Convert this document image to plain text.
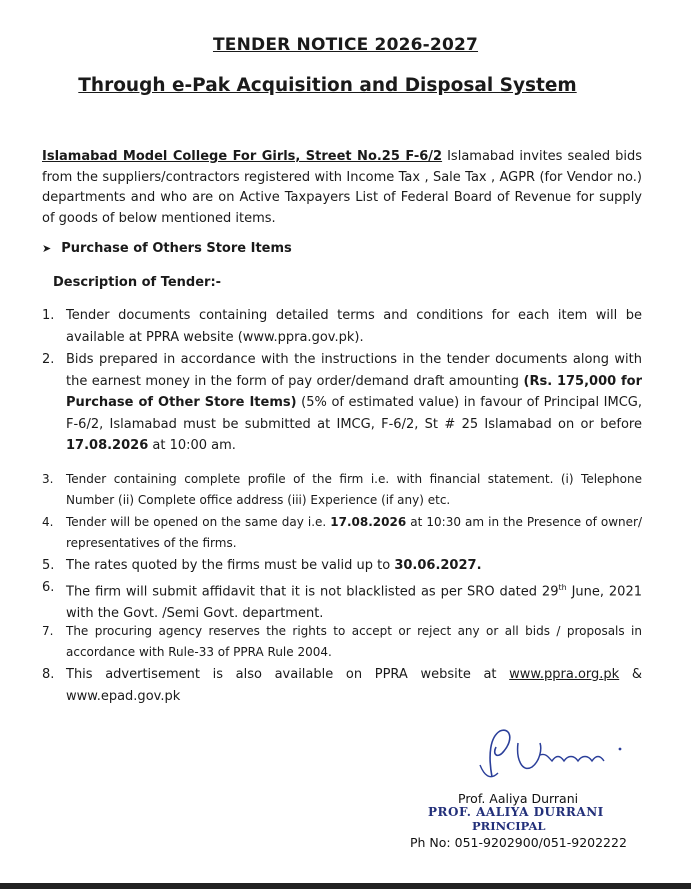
TENDER NOTICE 2026-2027
Through e-Pak Acquisition and Disposal System
Islamabad Model College For Girls, Street No.25 F-6/2 Islamabad invites sealed bids from the suppliers/contractors registered with Income Tax , Sale Tax , AGPR (for Vendor no.) departments and who are on Active Taxpayers List of Federal Board of Revenue for supply of goods of below mentioned items.
➤ Purchase of Others Store Items
Description of Tender:-
1. Tender documents containing detailed terms and conditions for each item will be available at PPRA website (www.ppra.gov.pk).
2. Bids prepared in accordance with the instructions in the tender documents along with the earnest money in the form of pay order/demand draft amounting (Rs. 175,000 for Purchase of Other Store Items) (5% of estimated value) in favour of Principal IMCG, F-6/2, Islamabad must be submitted at IMCG, F-6/2, St # 25 Islamabad on or before 17.08.2026 at 10:00 am.
3.	Tender containing complete profile of the firm i.e. with financial statement. (i) Telephone Number (ii) Complete office address (iii) Experience (if any) etc.
4.	Tender will be opened on the same day i.e. 17.08.2026 at 10:30 am in the Presence of owner/ representatives of the firms.
5. The rates quoted by the firms must be valid up to 30.06.2027.
6. The firm will submit affidavit that it is not blacklisted as per SRO dated 29th June, 2021 with the Govt. /Semi Govt. department.
7.	The procuring agency reserves the rights to accept or reject any or all bids / proposals in accordance with Rule-33 of PPRA Rule 2004.
8. This advertisement is also available on PPRA website at www.ppra.org.pk & www.epad.gov.pk
Prof. Aaliya Durrani
PROF. AALIYA DURRANI
PRINCIPAL
Ph No: 051-9202900/051-9202222
